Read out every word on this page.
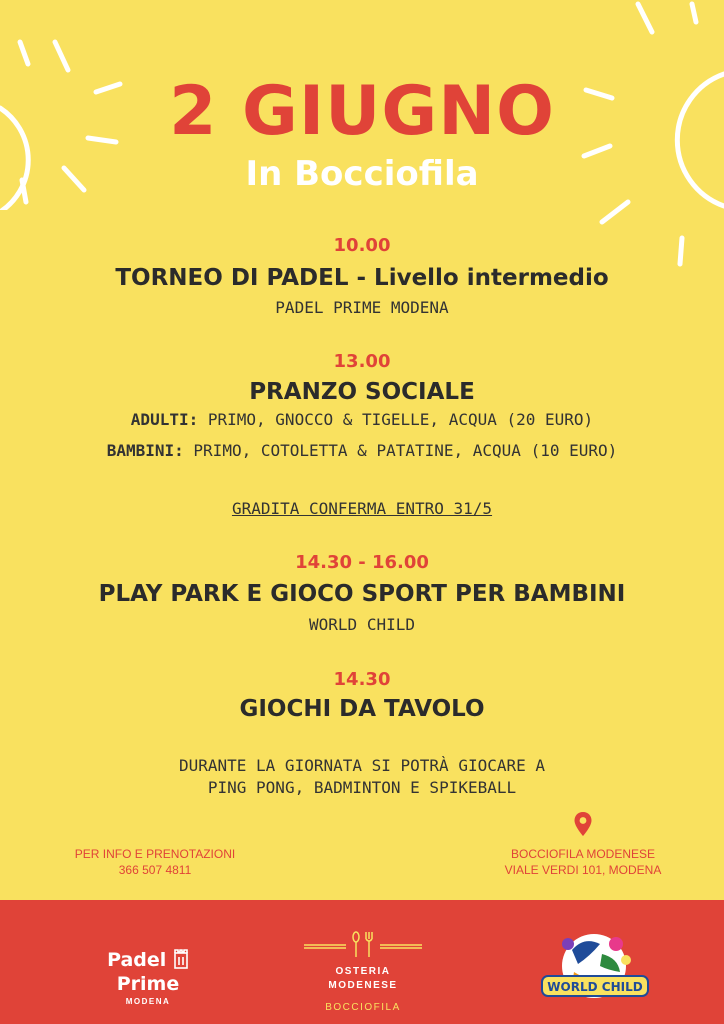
2 GIUGNO
In Bocciofila
10.00
TORNEO DI PADEL - Livello intermedio
PADEL PRIME MODENA
13.00
PRANZO SOCIALE
ADULTI: PRIMO, GNOCCO & TIGELLE, ACQUA (20 EURO)
BAMBINI: PRIMO, COTOLETTA & PATATINE, ACQUA (10 EURO)
GRADITA CONFERMA ENTRO 31/5
14.30 - 16.00
PLAY PARK E GIOCO SPORT PER BAMBINI
WORLD CHILD
14.30
GIOCHI DA TAVOLO
DURANTE LA GIORNATA SI POTRÀ GIOCARE A
PING PONG, BADMINTON E SPIKEBALL
PER INFO E PRENOTAZIONI
366 507 4811
BOCCIOFILA MODENESE
VIALE VERDI 101, MODENA
Padel  Prime
MODENA
OSTERIA MODENESE
BOCCIOFILA
WORLD CHILD
